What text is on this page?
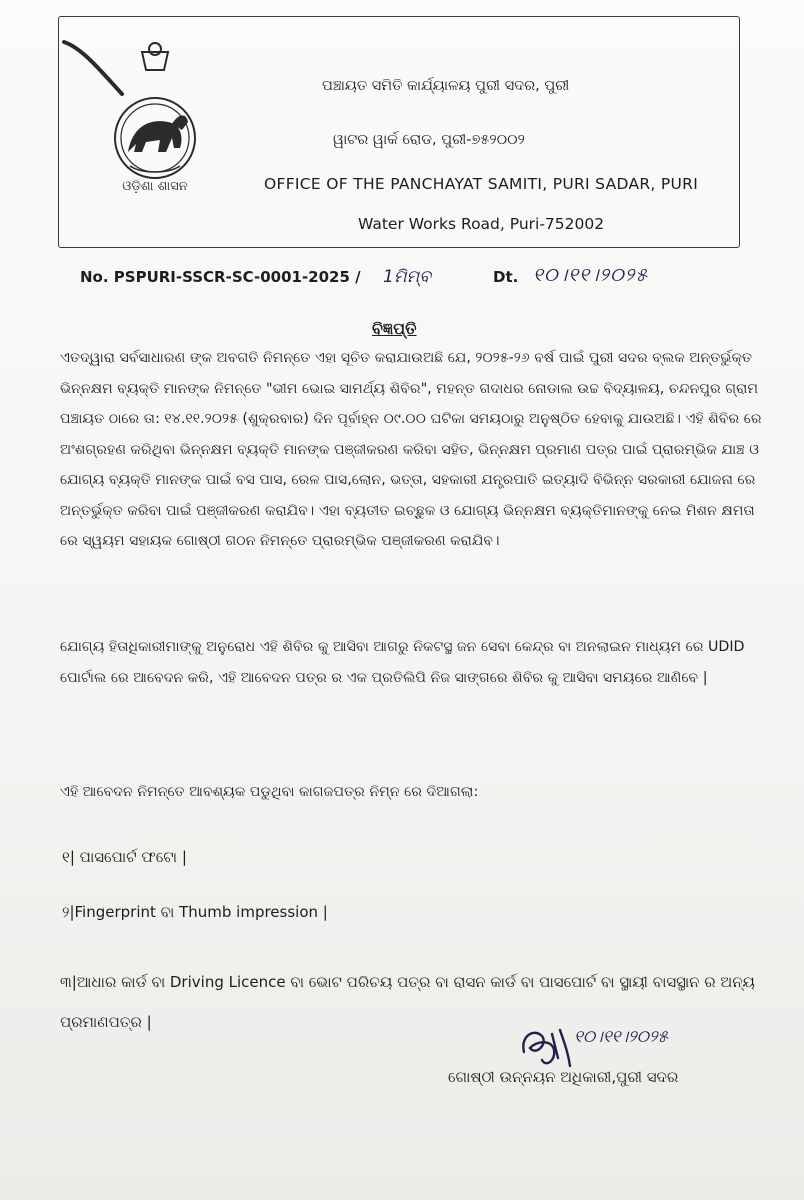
ଓଡ଼ିଶା ଶାସନ
ପଞ୍ଚାୟତ ସମିତି କାର୍ଯ୍ୟାଳୟ ପୁରୀ ସଦର, ପୁରୀ
ୱାଟର ୱାର୍କ ରୋଡ, ପୁରୀ-୭୫୨୦୦୨
OFFICE OF THE PANCHAYAT SAMITI, PURI SADAR, PURI
Water Works Road, Puri-752002
No. PSPURI-SSCR-SC-0001-2025 / 1ମିମ୍ବ	Dt. ୧୦।୧୧।୨୦୨୫
ବିଜ୍ଞପ୍ତି
ଏତଦ୍ୱାରା ସର୍ବସାଧାରଣ ଙ୍କ ଅବଗତି ନିମନ୍ତେ ଏହା ସୂଚିତ କରାଯାଉଅଛି ଯେ, ୨୦୨୫-୨୬ ବର୍ଷ ପାଇଁ ପୁରୀ ସଦର ବ୍ଲକ ଅନ୍ତର୍ଭୁକ୍ତ ଭିନ୍ନକ୍ଷମ ବ୍ୟକ୍ତି ମାନଙ୍କ ନିମନ୍ତେ "ଭୀମ ଭୋଇ ସାମର୍ଥ୍ୟ ଶିବିର", ମହନ୍ତ ଗଦାଧର ନୋଡାଲ ଉଚ୍ଚ ବିଦ୍ୟାଳୟ, ଚନ୍ଦନପୁର ଗ୍ରାମ ପଞ୍ଚାୟତ ଠାରେ ତା: ୧୪.୧୧.୨୦୨୫ (ଶୁକ୍ରବାର) ଦିନ ପୂର୍ବାହ୍ନ ୦୯.୦୦ ଘଟିକା ସମୟଠାରୁ ଅନୁଷ୍ଠିତ ହେବାକୁ ଯାଉଅଛି। ଏହି ଶିବିର ରେ ଅଂଶଗ୍ରହଣ କରିଥିବା ଭିନ୍ନକ୍ଷମ ବ୍ୟକ୍ତି ମାନଙ୍କ ପଞ୍ଜୀକରଣ କରିବା ସହିତ, ଭିନ୍ନକ୍ଷମ ପ୍ରମାଣ ପତ୍ର ପାଇଁ ପ୍ରାରମ୍ଭିକ ଯାଞ୍ଚ ଓ ଯୋଗ୍ୟ ବ୍ୟକ୍ତି ମାନଙ୍କ ପାଇଁ ବସ ପାସ, ରେଳ ପାସ,ଲୋନ, ଭତ୍ତା, ସହକାରୀ ଯନ୍ତ୍ରପାତି ଇତ୍ୟାଦି ବିଭିନ୍ନ ସରକାରୀ ଯୋଜନା ରେ ଅନ୍ତର୍ଭୁକ୍ତ କରିବା ପାଇଁ ପଞ୍ଜୀକରଣ କରାଯିବ। ଏହା ବ୍ୟତୀତ ଇଚ୍ଛୁକ ଓ ଯୋଗ୍ୟ ଭିନ୍ନକ୍ଷମ ବ୍ୟକ୍ତିମାନଙ୍କୁ ନେଇ ମିଶନ କ୍ଷମତା ରେ ସ୍ୱୟମ ସହାୟକ ଗୋଷ୍ଠୀ ଗଠନ ନିମନ୍ତେ ପ୍ରାରମ୍ଭିକ ପଞ୍ଜୀକରଣ କରାଯିବ।
ଯୋଗ୍ୟ ହିତାଧିକାରୀମାଙ୍କୁ ଅନୁରୋଧ ଏହି ଶିବିର କୁ ଆସିବା ଆଗରୁ ନିକଟସ୍ଥ ଜନ ସେବା କେନ୍ଦ୍ର ବା ଅନଲାଇନ ମାଧ୍ୟମ ରେ UDID ପୋର୍ଟାଲ ରେ ଆବେଦନ କରି, ଏହି ଆବେଦନ ପତ୍ର ର ଏକ ପ୍ରତିଲିପି ନିଜ ସାଙ୍ଗରେ ଶିବିର କୁ ଆସିବା ସମୟରେ ଆଣିବେ |
ଏହି ଆବେଦନ ନିମନ୍ତେ ଆବଶ୍ୟକ ପଡୁଥିବା କାଗଜପତ୍ର ନିମ୍ନ ରେ ଦିଆଗଲା:
୧| ପାସପୋର୍ଟ ଫଟୋ |
୨|Fingerprint ବା Thumb impression |
୩|ଆଧାର କାର୍ଡ ବା Driving Licence ବା ଭୋଟ ପରିଚୟ ପତ୍ର ବା ରାସନ କାର୍ଡ ବା ପାସପୋର୍ଟ ବା ସ୍ଥାୟୀ ବାସସ୍ଥାନ ର ଅନ୍ୟ ପ୍ରମାଣପତ୍ର |
୧୦।୧୧।୨୦୨୫
ଗୋଷ୍ଠୀ ଉନ୍ନୟନ ଅଧିକାରୀ,ପୁରୀ ସଦର
